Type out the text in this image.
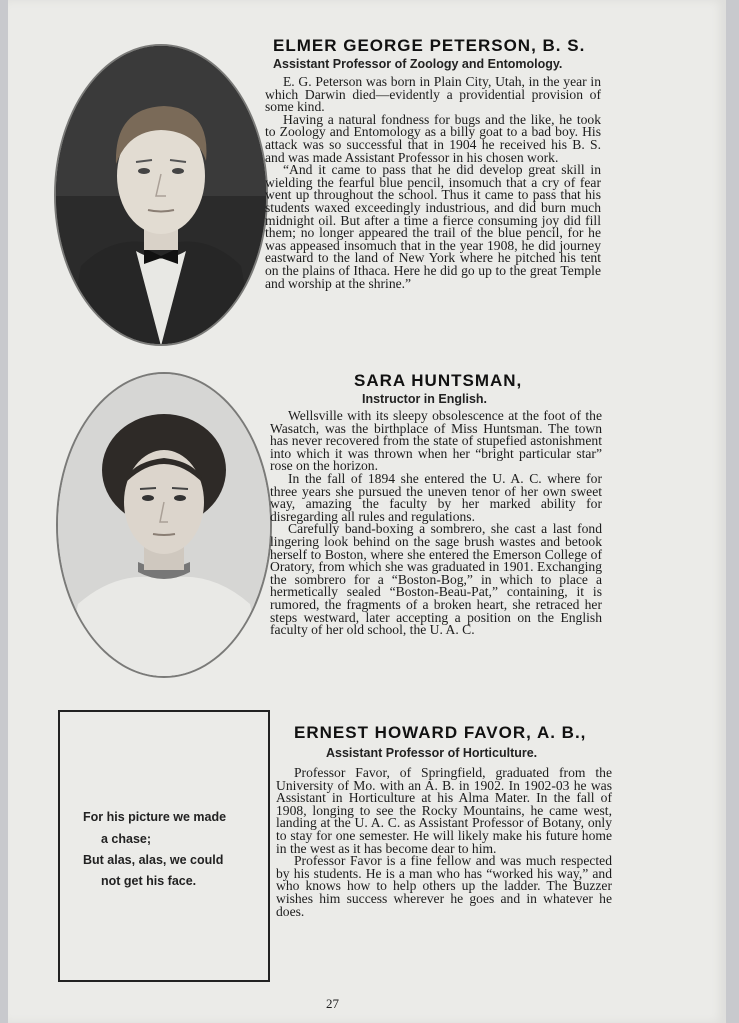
ELMER GEORGE PETERSON, B. S.
Assistant Professor of Zoology and Entomology.

E. G. Peterson was born in Plain City, Utah, in the year in which Darwin died—evidently a providential provision of some kind.

Having a natural fondness for bugs and the like, he took to Zoology and Entomology as a billy goat to a bad boy. His attack was so successful that in 1904 he received his B. S. and was made Assistant Professor in his chosen work.

“And it came to pass that he did develop great skill in wielding the fearful blue pencil, insomuch that a cry of fear went up throughout the school. Thus it came to pass that his students waxed exceedingly industrious, and did burn much midnight oil. But after a time a fierce consuming joy did fill them; no longer appeared the trail of the blue pencil, for he was appeased insomuch that in the year 1908, he did journey eastward to the land of New York where he pitched his tent on the plains of Ithaca. Here he did go up to the great Temple and worship at the shrine.”

SARA HUNTSMAN,
Instructor in English.

Wellsville with its sleepy obsolescence at the foot of the Wasatch, was the birthplace of Miss Huntsman. The town has never recovered from the state of stupefied astonishment into which it was thrown when her “bright particular star” rose on the horizon.

In the fall of 1894 she entered the U. A. C. where for three years she pursued the uneven tenor of her own sweet way, amazing the faculty by her marked ability for disregarding all rules and regulations.

Carefully band-boxing a sombrero, she cast a last fond lingering look behind on the sage brush wastes and betook herself to Boston, where she entered the Emerson College of Oratory, from which she was graduated in 1901. Exchanging the sombrero for a “Boston-Bog,” in which to place a hermetically sealed “Boston-Beau-Pat,” containing, it is rumored, the fragments of a broken heart, she retraced her steps westward, later accepting a position on the English faculty of her old school, the U. A. C.

For his picture we made
a chase;
But alas, alas, we could
not get his face.
ERNEST HOWARD FAVOR, A. B.,
Assistant Professor of Horticulture.

Professor Favor, of Springfield, graduated from the University of Mo. with an A. B. in 1902. In 1902-03 he was Assistant in Horticulture at his Alma Mater. In the fall of 1908, longing to see the Rocky Mountains, he came west, landing at the U. A. C. as Assistant Professor of Botany, only to stay for one semester. He will likely make his future home in the west as it has become dear to him.

Professor Favor is a fine fellow and was much respected by his students. He is a man who has “worked his way,” and who knows how to help others up the ladder. The Buzzer wishes him success wherever he goes and in whatever he does.

27
